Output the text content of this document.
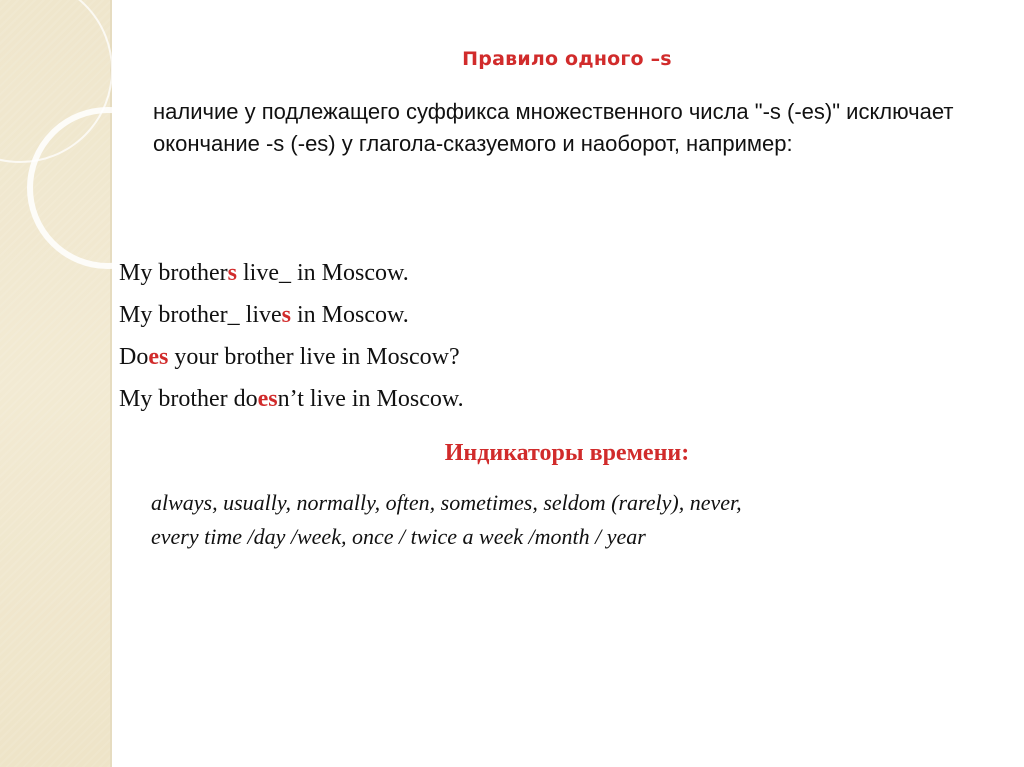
Правило одного –s
наличие у подлежащего суффикса множественного числа "-s (-es)" исключает окончание -s (-es) у глагола-сказуемого и наоборот, например:
My brothers live_ in Moscow.
My brother_ lives in Moscow.
Does your brother live in Moscow?
My brother doesn’t live in Moscow.
Индикаторы времени:
always, usually, normally, often, sometimes, seldom (rarely), never,
every time /day /week, once / twice a week /month / year
